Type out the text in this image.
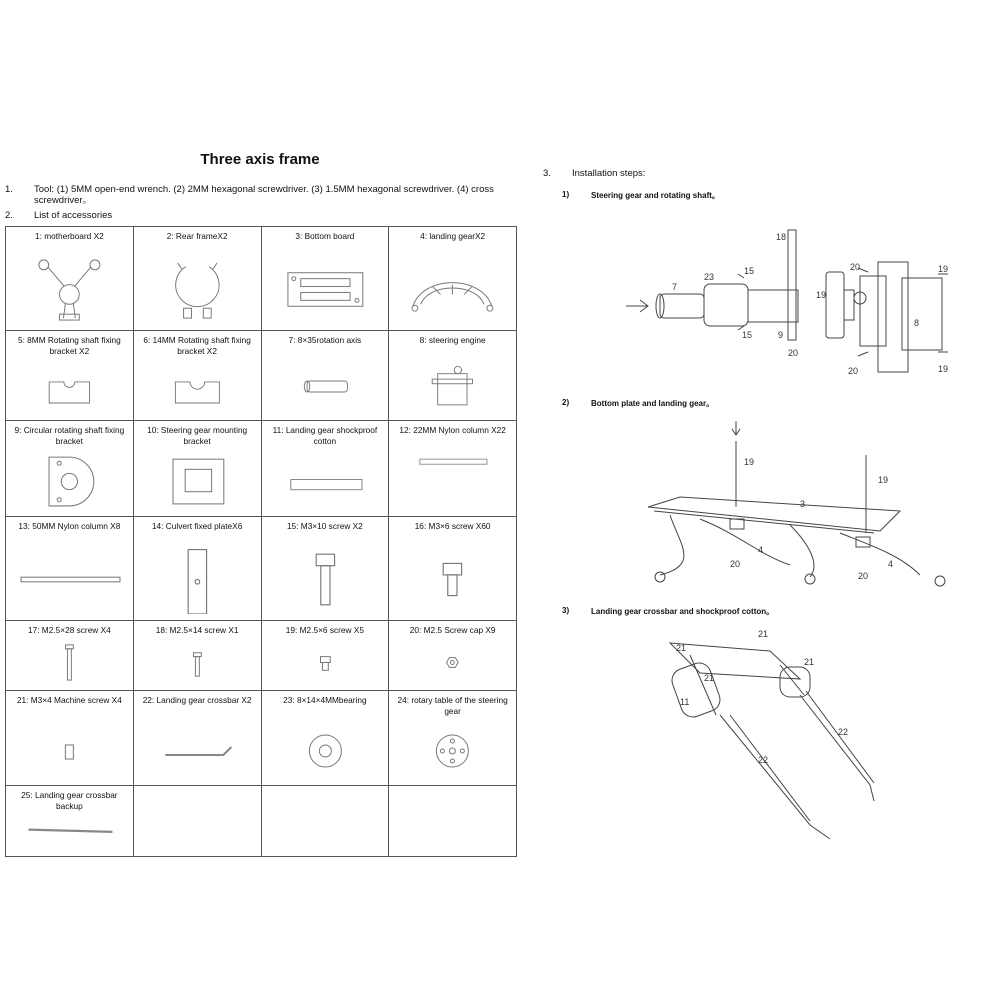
Three axis frame
1. Tool: (1) 5MM open-end wrench. (2) 2MM hexagonal screwdriver. (3) 1.5MM hexagonal screwdriver. (4) cross screwdriver。
2. List of accessories
1: motherboard X2	2: Rear frameX2	3: Bottom board	4: landing gearX2

5: 8MM Rotating shaft fixing bracket X2	6: 14MM Rotating shaft fixing bracket X2	7: 8×35rotation axis	8: steering engine

9: Circular rotating shaft fixing bracket	10: Steering gear mounting bracket	11: Landing gear shockproof cotton	12: 22MM Nylon column X22

13: 50MM Nylon column X8	14: Culvert fixed plateX6	15: M3×10 screw X2	16: M3×6 screw X60

17: M2.5×28 screw X4	18: M2.5×14 screw X1	19: M2.5×6 screw X5	20: M2.5 Screw cap X9

21: M3×4 Machine screw X4	22: Landing gear crossbar X2	23: 8×14×4MMbearing	24: rotary table of the steering gear

25: Landing gear crossbar backup			

3. Installation steps:
1)	Steering gear and rotating shaft。
2)	Bottom plate and landing gear。
3)	Landing gear crossbar and shockproof cotton。
18
7
23
15	20
19
19
8
15	9
20
20	19
19
19
3
4
20	4
20
21
21
21
21
11
22
22
